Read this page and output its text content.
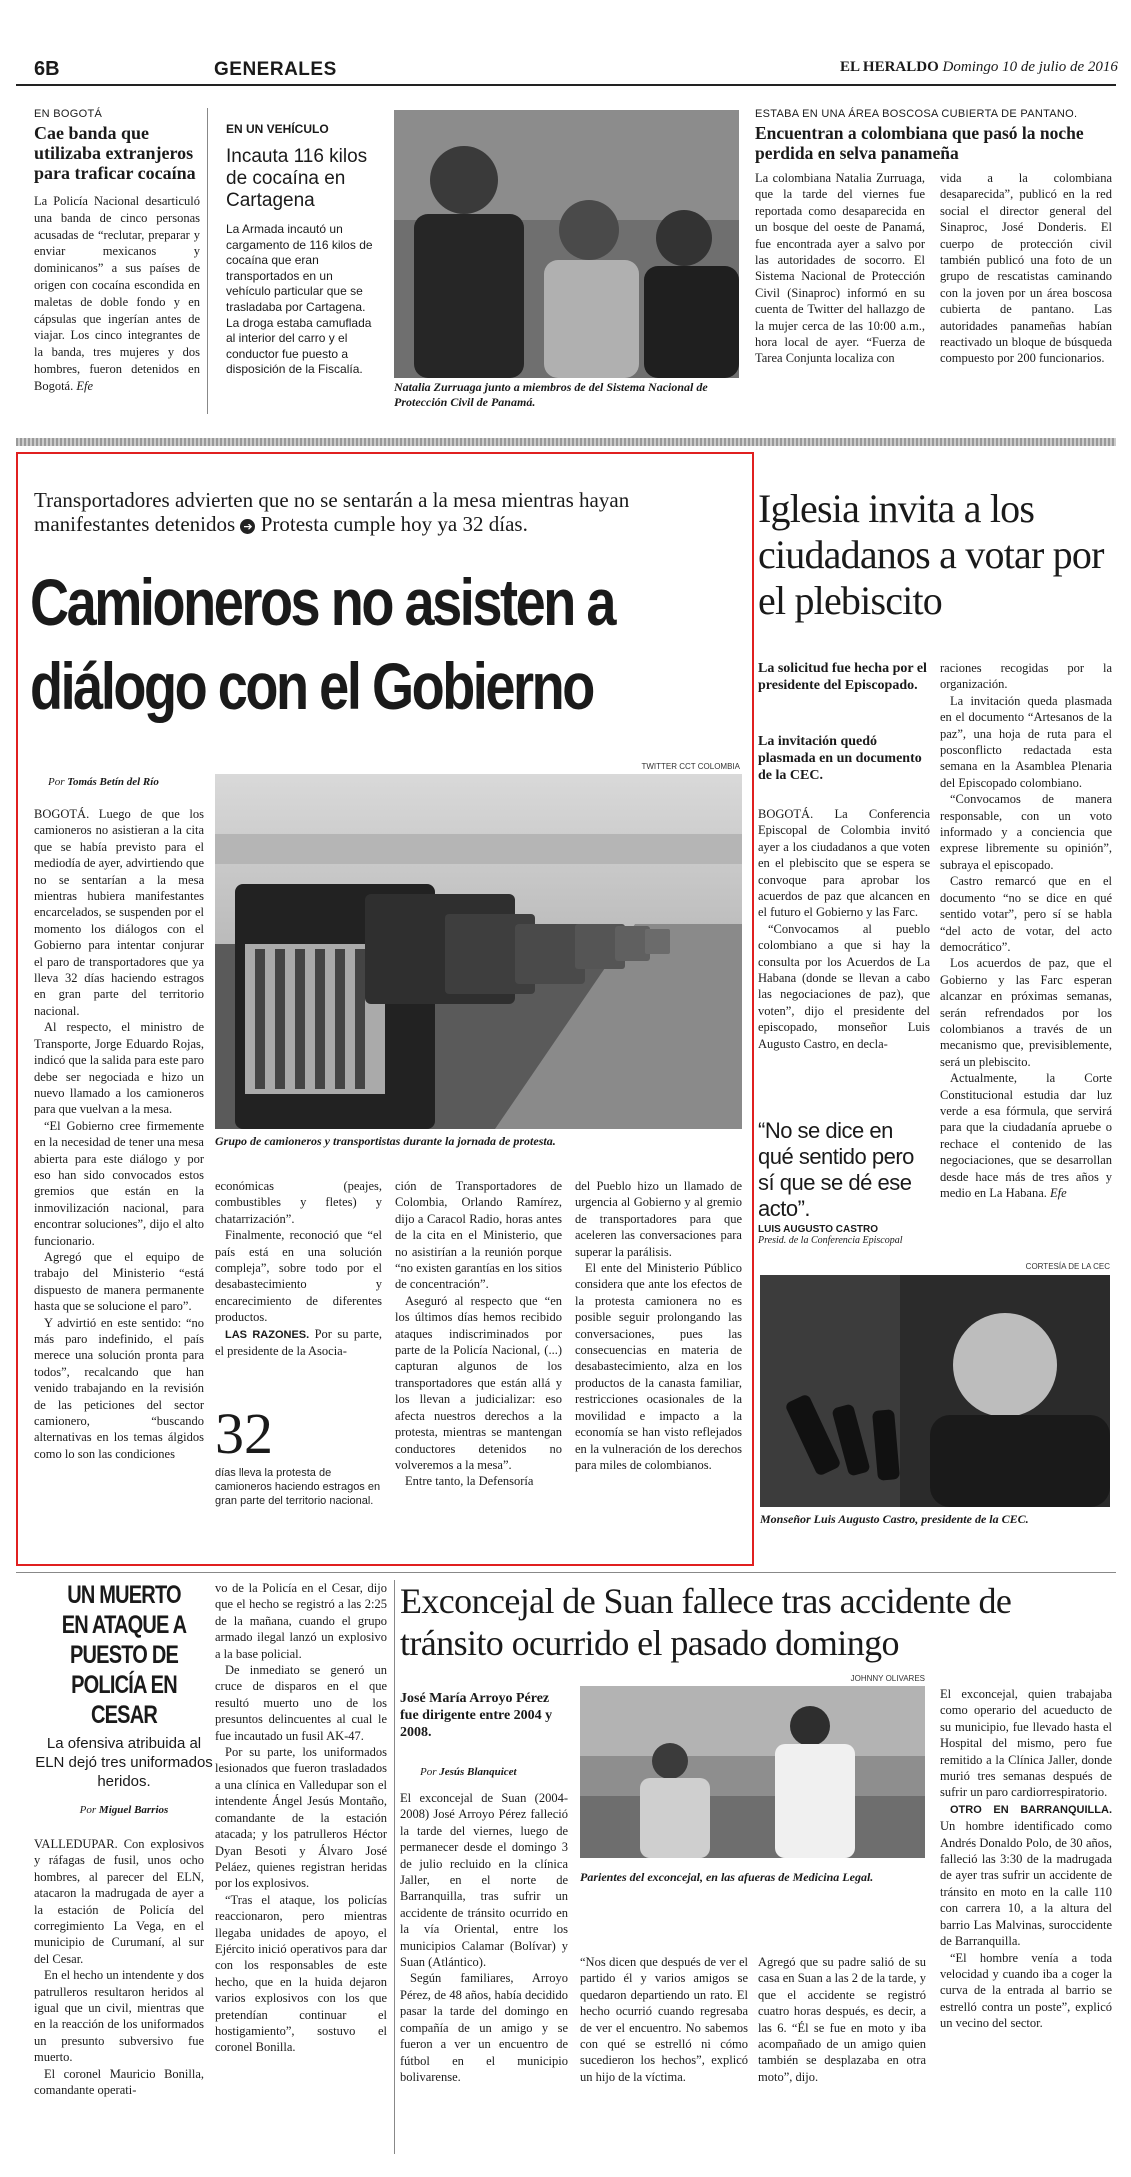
6B	GENERALES	EL HERALDO Domingo 10 de julio de 2016
EN BOGOTÁ
Cae banda que utilizaba extranjeros para traficar cocaína
La Policía Nacional desarticuló una banda de cinco personas acusadas de “reclutar, preparar y enviar mexicanos y dominicanos” a sus países de origen con cocaína escondida en maletas de doble fondo y en cápsulas que ingerían antes de viajar. Los cinco integrantes de la banda, tres mujeres y dos hombres, fueron detenidos en Bogotá. Efe
EN UN VEHÍCULO
Incauta 116 kilos de cocaína en Cartagena
La Armada incautó un cargamento de 116 kilos de cocaína que eran transportados en un vehículo particular que se trasladaba por Cartagena. La droga estaba camuflada al interior del carro y el conductor fue puesto a disposición de la Fiscalía.
Natalia Zurruaga junto a miembros de del Sistema Nacional de Protección Civil de Panamá.
ESTABA EN UNA ÁREA BOSCOSA CUBIERTA DE PANTANO.
Encuentran a colombiana que pasó la noche perdida en selva panameña

La colombiana Natalia Zurruaga, que la tarde del viernes fue reportada como desaparecida en un bosque del oeste de Panamá, fue encontrada ayer a salvo por las autoridades de socorro. El Sistema Nacional de Protección Civil (Sinaproc) informó en su cuenta de Twitter del hallazgo de la mujer cerca de las 10:00 a.m., hora local de ayer. “Fuerza de Tarea Conjunta localiza con

vida a la colombiana desaparecida”, publicó en la red social el director general del Sinaproc, José Donderis. El cuerpo de protección civil también publicó una foto de un grupo de rescatistas caminando con la joven por un área boscosa cubierta de pantano. Las autoridades panameñas habían reactivado un bloque de búsqueda compuesto por 200 funcionarios.

Transportadores advierten que no se sentarán a la mesa mientras hayan manifestantes detenidos ➔ Protesta cumple hoy ya 32 días.
Camioneros no asisten a
diálogo con el Gobierno
Por Tomás Betín del Río
TWITTER CCT COLOMBIA
Grupo de camioneros y transportistas durante la jornada de protesta.

BOGOTÁ. Luego de que los camioneros no asistieran a la cita que se había previsto para el mediodía de ayer, advirtiendo que no se sentarían a la mesa mientras hubiera manifestantes encarcelados, se suspenden por el momento los diálogos con el Gobierno para intentar conjurar el paro de transportadores que ya lleva 32 días haciendo estragos en gran parte del territorio nacional.

Al respecto, el ministro de Transporte, Jorge Eduardo Rojas, indicó que la salida para este paro debe ser negociada e hizo un nuevo llamado a los camioneros para que vuelvan a la mesa.

“El Gobierno cree firmemente en la necesidad de tener una mesa abierta para este diálogo y por eso han sido convocados estos gremios que están en la inmovilización nacional, para encontrar soluciones”, dijo el alto funcionario.

Agregó que el equipo de trabajo del Ministerio “está dispuesto de manera permanente hasta que se solucione el paro”.

Y advirtió en este sentido: “no más paro indefinido, el país merece una solución pronta para todos”, recalcando que han venido trabajando en la revisión de las peticiones del sector camionero, “buscando alternativas en los temas álgidos como lo son las condiciones

económicas (peajes, combustibles y fletes) y chatarrización”.

Finalmente, reconoció que “el país está en una solución compleja”, sobre todo por el desabastecimiento y encarecimiento de diferentes productos.

LAS RAZONES. Por su parte, el presidente de la Asocia-

32
días lleva la protesta de camioneros haciendo estragos en gran parte del territorio nacional.

ción de Transportadores de Colombia, Orlando Ramírez, dijo a Caracol Radio, horas antes de la cita en el Ministerio, que no asistirían a la reunión porque “no existen garantías en los sitios de concentración”.

Aseguró al respecto que “en los últimos días hemos recibido ataques indiscriminados por parte de la Policía Nacional, (...) capturan algunos de los transportadores que están allá y los llevan a judicializar: eso afecta nuestros derechos a la protesta, mientras se mantengan conductores detenidos no volveremos a la mesa”.

Entre tanto, la Defensoría

del Pueblo hizo un llamado de urgencia al Gobierno y al gremio de transportadores para que aceleren las conversaciones para superar la parálisis.

El ente del Ministerio Público considera que ante los efectos de la protesta camionera no es posible seguir prolongando las conversaciones, pues las consecuencias en materia de desabastecimiento, alza en los productos de la canasta familiar, restricciones ocasionales de la movilidad e impacto a la economía se han visto reflejados en la vulneración de los derechos para miles de colombianos.

Iglesia invita a los ciudadanos a votar por el plebiscito
La solicitud fue hecha por el presidente del Episcopado.
La invitación quedó plasmada en un documento de la CEC.

BOGOTÁ. La Conferencia Episcopal de Colombia invitó ayer a los ciudadanos a que voten en el plebiscito que se espera se convoque para aprobar los acuerdos de paz que alcancen en el futuro el Gobierno y las Farc.

“Convocamos al pueblo colombiano a que si hay la consulta por los Acuerdos de La Habana (donde se llevan a cabo las negociaciones de paz), que voten”, dijo el presidente del episcopado, monseñor Luis Augusto Castro, en decla-

“No se dice en qué sentido pero sí que se dé ese acto”.
LUIS AUGUSTO CASTRO
Presid. de la Conferencia Episcopal

raciones recogidas por la organización.

La invitación queda plasmada en el documento “Artesanos de la paz”, una hoja de ruta para el posconflicto redactada esta semana en la Asamblea Plenaria del Episcopado colombiano.

“Convocamos de manera responsable, con un voto informado y a conciencia que exprese libremente su opinión”, subraya el episcopado.

Castro remarcó que en el documento “no se dice en qué sentido votar”, pero sí se habla “del acto de votar, del acto democrático”.

Los acuerdos de paz, que el Gobierno y las Farc esperan alcanzar en próximas semanas, serán refrendados por los colombianos a través de un mecanismo que, previsiblemente, será un plebiscito.

Actualmente, la Corte Constitucional estudia dar luz verde a esa fórmula, que servirá para que la ciudadanía apruebe o rechace el contenido de las negociaciones, que se desarrollan desde hace más de tres años y medio en La Habana. Efe

CORTESÍA DE LA CEC
Monseñor Luis Augusto Castro, presidente de la CEC.
UN MUERTO EN ATAQUE A PUESTO DE POLICÍA EN CESAR
La ofensiva atribuida al ELN dejó tres uniformados heridos.
Por Miguel Barrios

VALLEDUPAR. Con explosivos y ráfagas de fusil, unos ocho hombres, al parecer del ELN, atacaron la madrugada de ayer a la estación de Policía del corregimiento La Vega, en el municipio de Curumaní, al sur del Cesar.

En el hecho un intendente y dos patrulleros resultaron heridos al igual que un civil, mientras que en la reacción de los uniformados un presunto subversivo fue muerto.

El coronel Mauricio Bonilla, comandante operati-

vo de la Policía en el Cesar, dijo que el hecho se registró a las 2:25 de la mañana, cuando el grupo armado ilegal lanzó un explosivo a la base policial.

De inmediato se generó un cruce de disparos en el que resultó muerto uno de los presuntos delincuentes al cual le fue incautado un fusil AK-47.

Por su parte, los uniformados lesionados que fueron trasladados a una clínica en Valledupar son el intendente Ángel Jesús Montaño, comandante de la estación atacada; y los patrulleros Héctor Dyan Besoti y Álvaro José Peláez, quienes registran heridas por los explosivos.

“Tras el ataque, los policías reaccionaron, pero mientras llegaba unidades de apoyo, el Ejército inició operativos para dar con los responsables de este hecho, que en la huida dejaron varios explosivos con los que pretendían continuar el hostigamiento”, sostuvo el coronel Bonilla.

Exconcejal de Suan fallece tras accidente de tránsito ocurrido el pasado domingo
José María Arroyo Pérez fue dirigente entre 2004 y 2008.
Por Jesús Blanquicet

El exconcejal de Suan (2004-2008) José Arroyo Pérez falleció la tarde del viernes, luego de permanecer desde el domingo 3 de julio recluido en la clínica Jaller, en el norte de Barranquilla, tras sufrir un accidente de tránsito ocurrido en la vía Oriental, entre los municipios Calamar (Bolívar) y Suan (Atlántico).

Según familiares, Arroyo Pérez, de 48 años, había decidido pasar la tarde del domingo en compañía de un amigo y se fueron a ver un encuentro de fútbol en el municipio bolivarense.

JOHNNY OLIVARES
Parientes del exconcejal, en las afueras de Medicina Legal.

“Nos dicen que después de ver el partido él y varios amigos se quedaron departiendo un rato. El hecho ocurrió cuando regresaba de ver el encuentro. No sabemos con qué se estrelló ni cómo sucedieron los hechos”, explicó un hijo de la víctima.

Agregó que su padre salió de su casa en Suan a las 2 de la tarde, y que el accidente se registró cuatro horas después, es decir, a las 6. “Él se fue en moto y iba acompañado de un amigo quien también se desplazaba en otra moto”, dijo.

El exconcejal, quien trabajaba como operario del acueducto de su municipio, fue llevado hasta el Hospital del mismo, pero fue remitido a la Clínica Jaller, donde murió tres semanas después de sufrir un paro cardiorrespiratorio.

OTRO EN BARRANQUILLA. Un hombre identificado como Andrés Donaldo Polo, de 30 años, falleció las 3:30 de la madrugada de ayer tras sufrir un accidente de tránsito en moto en la calle 110 con carrera 10, a la altura del barrio Las Malvinas, suroccidente de Barranquilla.

“El hombre venía a toda velocidad y cuando iba a coger la curva de la entrada al barrio se estrelló contra un poste”, explicó un vecino del sector.
